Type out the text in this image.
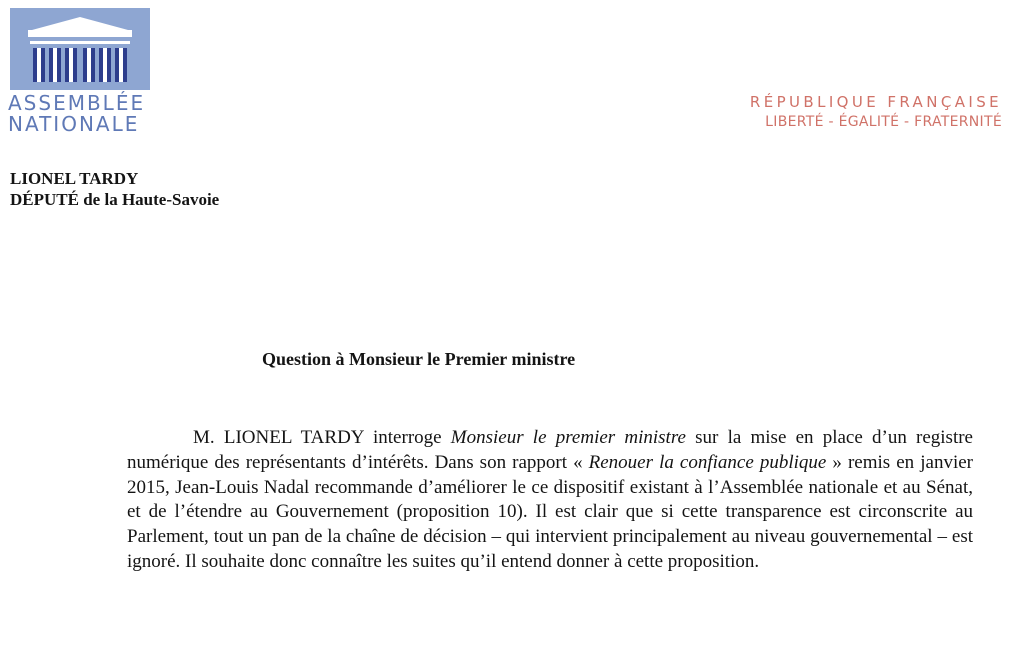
ASSEMBLÉE
NATIONALE
RÉPUBLIQUE FRANÇAISE
LIBERTÉ - ÉGALITÉ - FRATERNITÉ
LIONEL TARDY
DÉPUTÉ de la Haute-Savoie
Question à Monsieur le Premier ministre

M. LIONEL TARDY interroge Monsieur le premier ministre sur la mise en place d’un registre numérique des représentants d’intérêts. Dans son rapport « Renouer la confiance publique » remis en janvier 2015, Jean-Louis Nadal recommande d’améliorer le ce dispositif existant à l’Assemblée nationale et au Sénat, et de l’étendre au Gouvernement (proposition 10). Il est clair que si cette transparence est circonscrite au Parlement, tout un pan de la chaîne de décision – qui intervient principalement au niveau gouvernemental – est ignoré. Il souhaite donc connaître les suites qu’il entend donner à cette proposition.
